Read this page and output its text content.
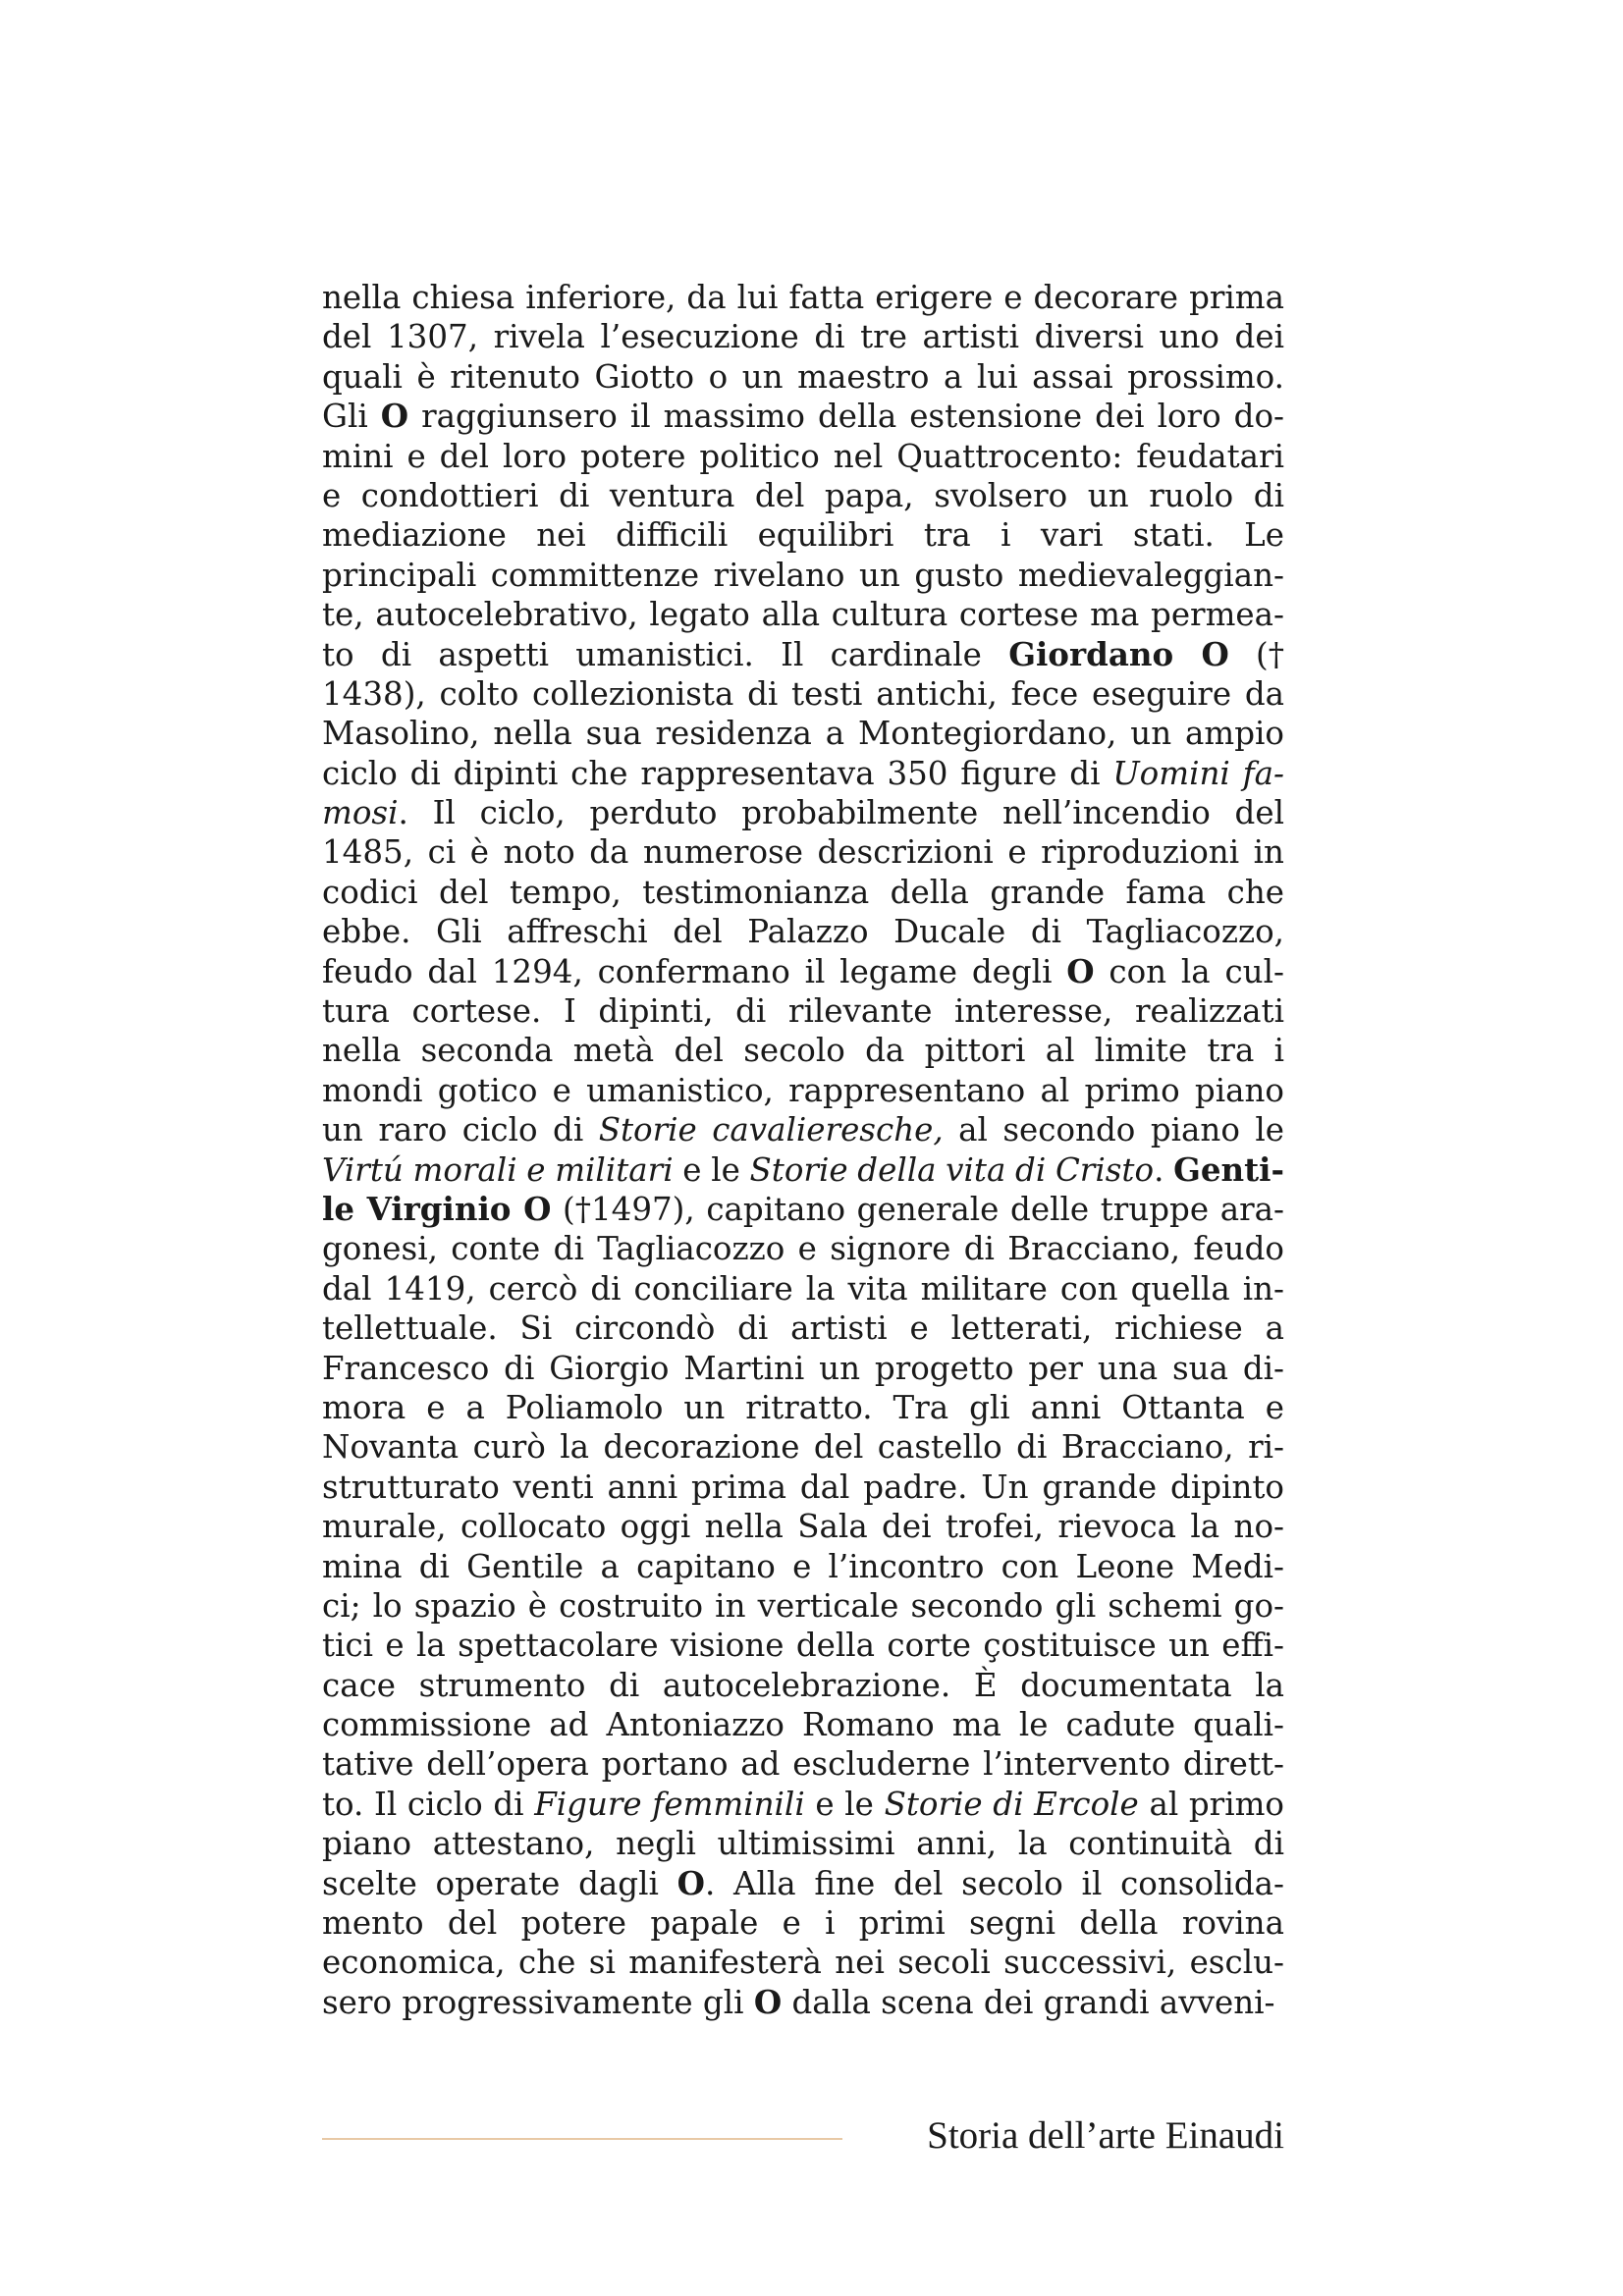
nella chiesa inferiore, da lui fatta erigere e decorare prima
del 1307, rivela l’esecuzione di tre artisti diversi uno dei
quali è ritenuto Giotto o un maestro a lui assai prossimo.
Gli O raggiunsero il massimo della estensione dei loro do-
mini e del loro potere politico nel Quattrocento: feudatari
e condottieri di ventura del papa, svolsero un ruolo di
mediazione nei difficili equilibri tra i vari stati. Le
principali committenze rivelano un gusto medievaleggian-
te, autocelebrativo, legato alla cultura cortese ma permea-
to di aspetti umanistici. Il cardinale Giordano O (†
1438), colto collezionista di testi antichi, fece eseguire da
Masolino, nella sua residenza a Montegiordano, un ampio
ciclo di dipinti che rappresentava 350 figure di Uomini fa-
mosi. Il ciclo, perduto probabilmente nell’incendio del
1485, ci è noto da numerose descrizioni e riproduzioni in
codici del tempo, testimonianza della grande fama che
ebbe. Gli affreschi del Palazzo Ducale di Tagliacozzo,
feudo dal 1294, confermano il legame degli O con la cul-
tura cortese. I dipinti, di rilevante interesse, realizzati
nella seconda metà del secolo da pittori al limite tra i
mondi gotico e umanistico, rappresentano al primo piano
un raro ciclo di Storie cavalieresche, al secondo piano le
Virtú morali e militari e le Storie della vita di Cristo. Genti-
le Virginio O (†1497), capitano generale delle truppe ara-
gonesi, conte di Tagliacozzo e signore di Bracciano, feudo
dal 1419, cercò di conciliare la vita militare con quella in-
tellettuale. Si circondò di artisti e letterati, richiese a
Francesco di Giorgio Martini un progetto per una sua di-
mora e a Poliamolo un ritratto. Tra gli anni Ottanta e
Novanta curò la decorazione del castello di Bracciano, ri-
strutturato venti anni prima dal padre. Un grande dipinto
murale, collocato oggi nella Sala dei trofei, rievoca la no-
mina di Gentile a capitano e l’incontro con Leone Medi-
ci; lo spazio è costruito in verticale secondo gli schemi go-
tici e la spettacolare visione della corte çostituisce un effi-
cace strumento di autocelebrazione. È documentata la
commissione ad Antoniazzo Romano ma le cadute quali-
tative dell’opera portano ad escluderne l’intervento dirett-
to. Il ciclo di Figure femminili e le Storie di Ercole al primo
piano attestano, negli ultimissimi anni, la continuità di
scelte operate dagli O. Alla fine del secolo il consolida-
mento del potere papale e i primi segni della rovina
economica, che si manifesterà nei secoli successivi, esclu-
sero progressivamente gli O dalla scena dei grandi avveni-
Storia dell’arte Einaudi
